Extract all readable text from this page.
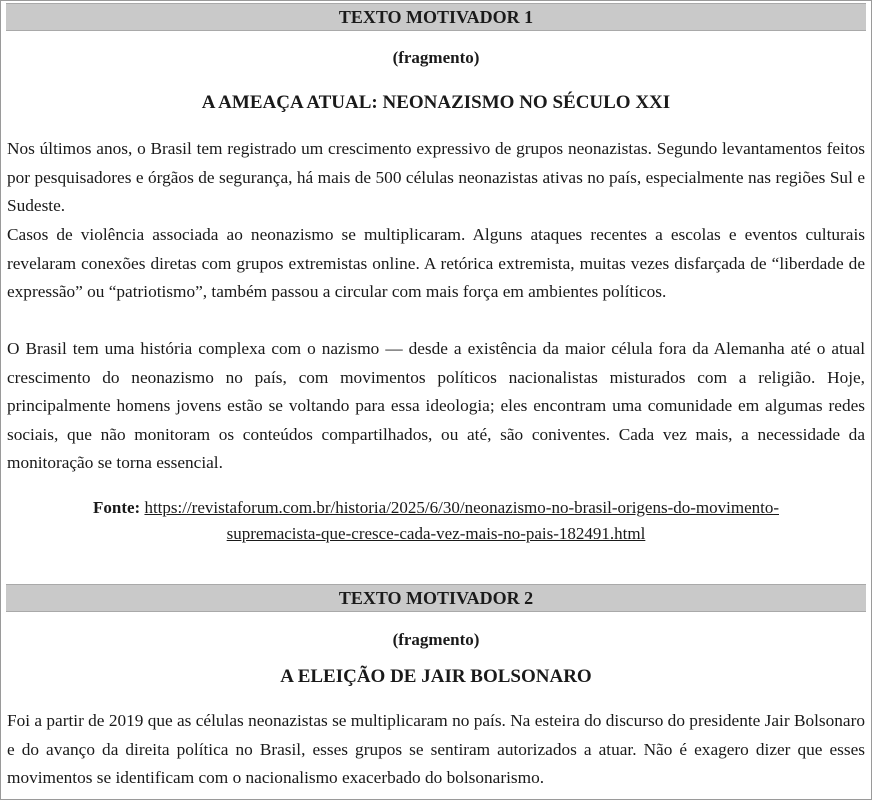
TEXTO MOTIVADOR 1
(fragmento)
A AMEAÇA ATUAL: NEONAZISMO NO SÉCULO XXI

Nos últimos anos, o Brasil tem registrado um crescimento expressivo de grupos neonazistas. Segundo levantamentos feitos por pesquisadores e órgãos de segurança, há mais de 500 células neonazistas ativas no país, especialmente nas regiões Sul e Sudeste.

Casos de violência associada ao neonazismo se multiplicaram. Alguns ataques recentes a escolas e eventos culturais revelaram conexões diretas com grupos extremistas online. A retórica extremista, muitas vezes disfarçada de “liberdade de expressão” ou “patriotismo”, também passou a circular com mais força em ambientes políticos.

O Brasil tem uma história complexa com o nazismo — desde a existência da maior célula fora da Alemanha até o atual crescimento do neonazismo no país, com movimentos políticos nacionalistas misturados com a religião. Hoje, principalmente homens jovens estão se voltando para essa ideologia; eles encontram uma comunidade em algumas redes sociais, que não monitoram os conteúdos compartilhados, ou até, são coniventes. Cada vez mais, a necessidade da monitoração se torna essencial.

Fonte: https://revistaforum.com.br/historia/2025/6/30/neonazismo-no-brasil-origens-do-movimento-
supremacista-que-cresce-cada-vez-mais-no-pais-182491.html
TEXTO MOTIVADOR 2
(fragmento)
A ELEIÇÃO DE JAIR BOLSONARO

Foi a partir de 2019 que as células neonazistas se multiplicaram no país. Na esteira do discurso do presidente Jair Bolsonaro e do avanço da direita política no Brasil, esses grupos se sentiram autorizados a atuar. Não é exagero dizer que esses movimentos se identificam com o nacionalismo exacerbado do bolsonarismo.
